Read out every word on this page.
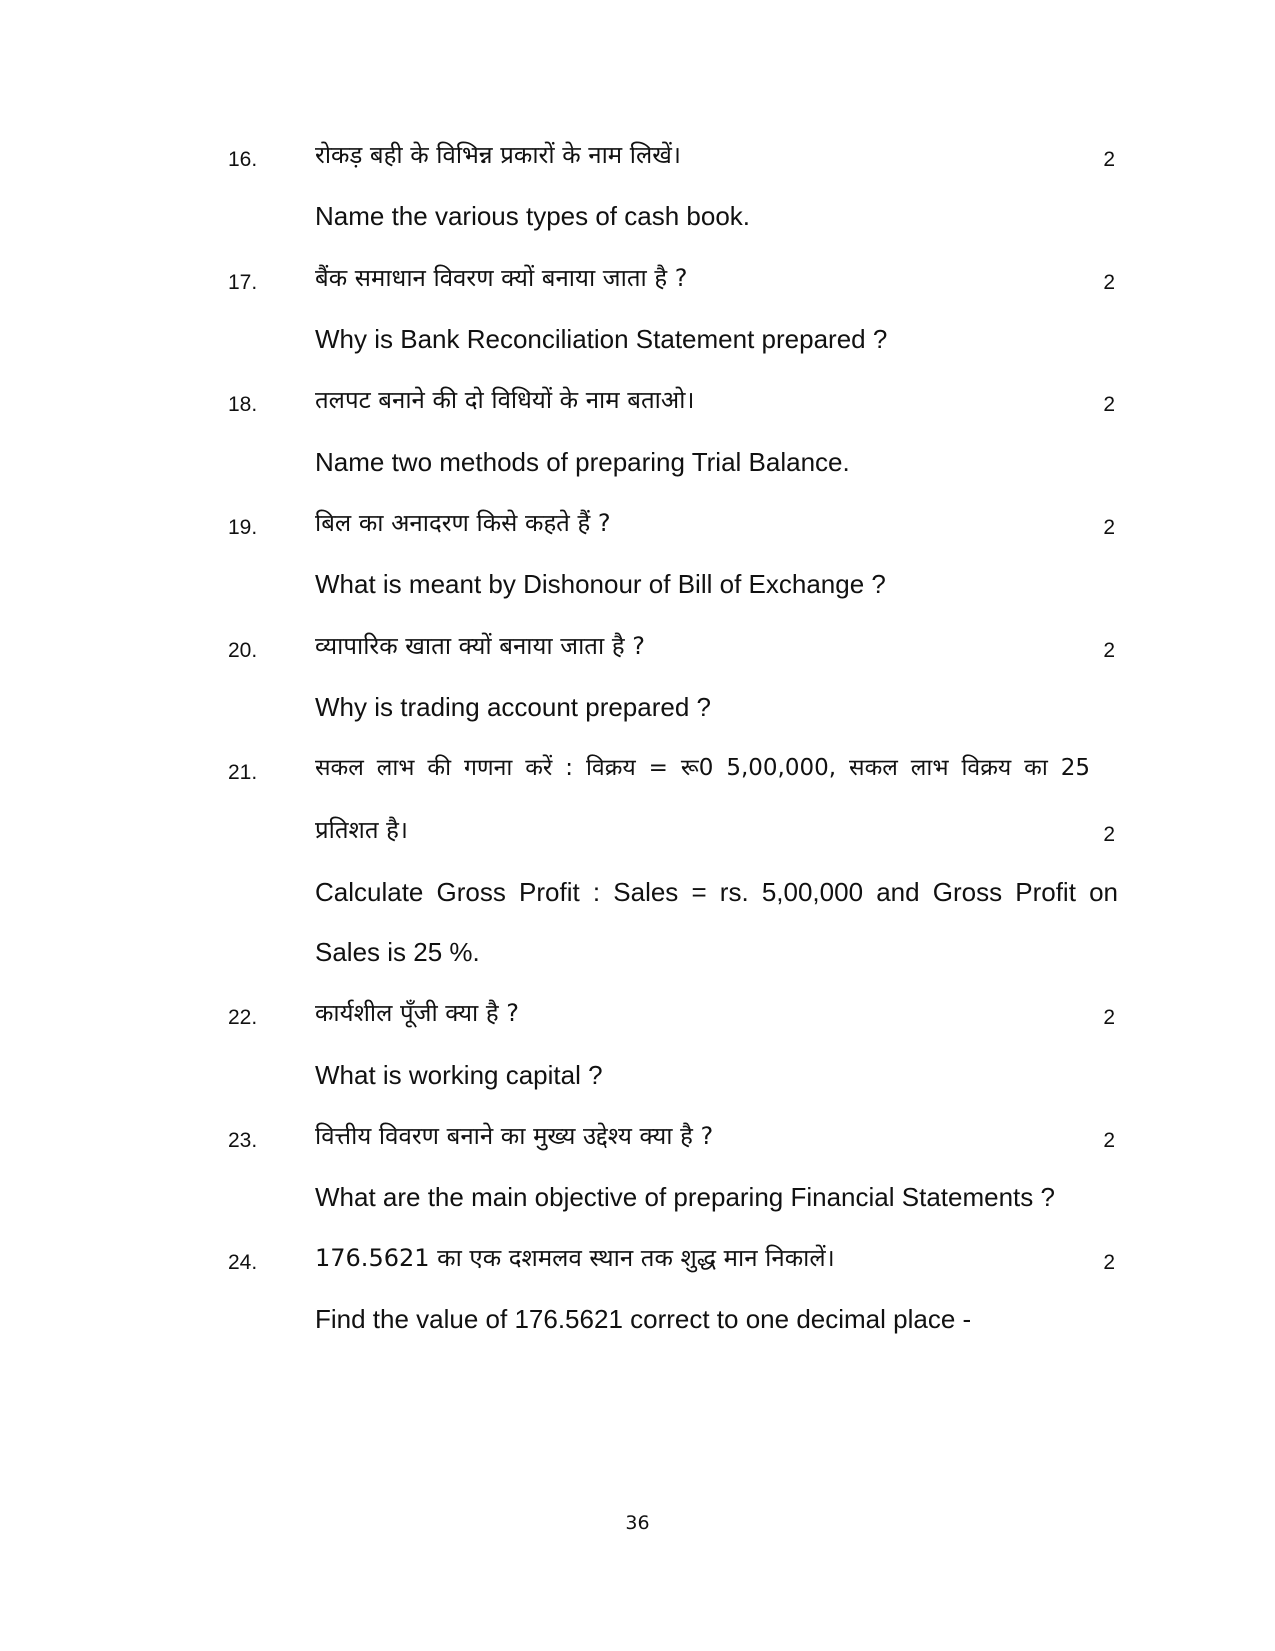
16. रोकड़ बही के विभिन्न प्रकारों के नाम लिखें।	2
Name the various types of cash book.
17. बैंक समाधान विवरण क्यों बनाया जाता है ?	2
Why is Bank Reconciliation Statement prepared ?
18. तलपट बनाने की दो विधियों के नाम बताओ।	2
Name two methods of preparing Trial Balance.
19. बिल का अनादरण किसे कहते हैं ?	2
What is meant by Dishonour of Bill of Exchange ?
20. व्यापारिक खाता क्यों बनाया जाता है ?	2
Why is trading account prepared ?
21.	सकल लाभ की गणना करें : विक्रय = रू0 5,00,000, सकल लाभ विक्रय का 25
प्रतिशत है।	2
Calculate Gross Profit : Sales = rs. 5,00,000 and Gross Profit on
Sales is 25 %.
22. कार्यशील पूँजी क्या है ?	2
What is working capital ?
23. वित्तीय विवरण बनाने का मुख्य उद्देश्य क्या है ?	2
What are the main objective of preparing Financial Statements ?
24. 176.5621 का एक दशमलव स्थान तक शुद्ध मान निकालें।	2
Find the value of 176.5621 correct to one decimal place -
36
